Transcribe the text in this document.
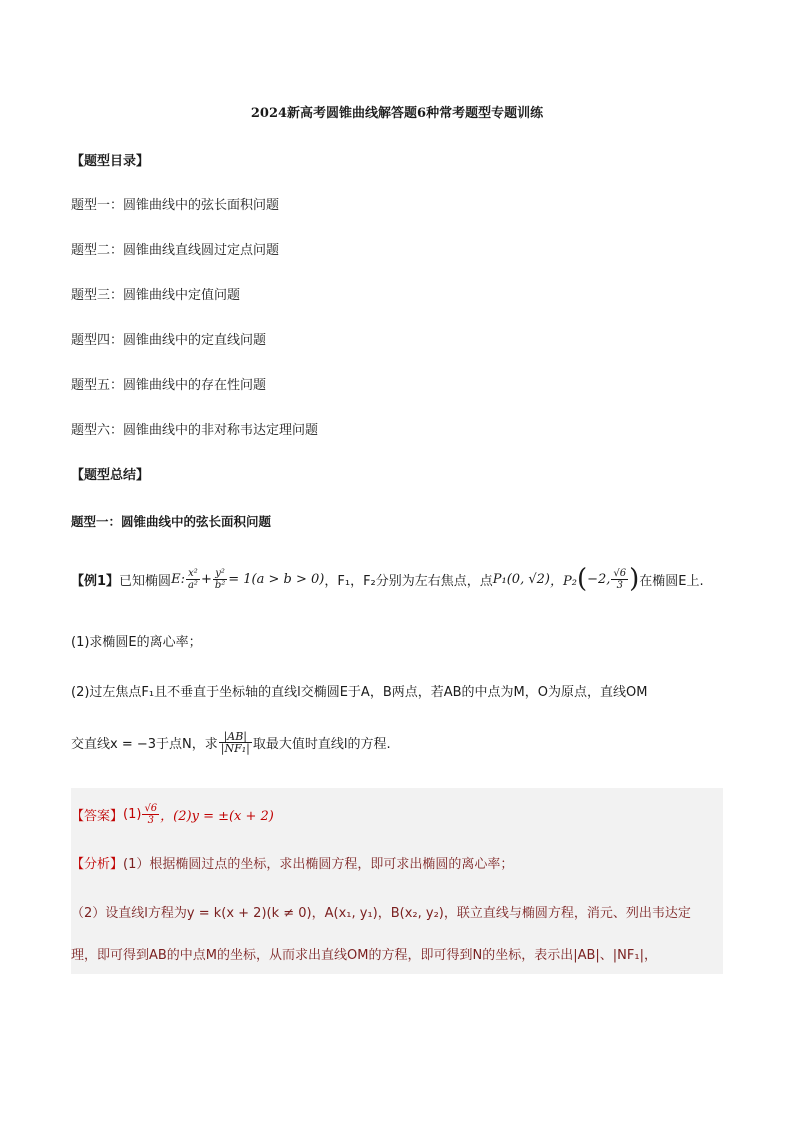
2024新高考圆锥曲线解答题6种常考题型专题训练
【题型目录】
题型一：圆锥曲线中的弦长面积问题
题型二：圆锥曲线直线圆过定点问题
题型三：圆锥曲线中定值问题
题型四：圆锥曲线中的定直线问题
题型五：圆锥曲线中的存在性问题
题型六：圆锥曲线中的非对称韦达定理问题
【题型总结】
题型一：圆锥曲线中的弦长面积问题
【例1】 已知椭圆 E : $\frac{\text{x²}}{\text{a²}} + \frac{\text{y²}}{\text{b²}} = 1(a > b > 0)$ ，F₁，F₂分别为左右焦点，点 P₁(0, √2) ，P₂ ( −2, $\frac{√6}{3}$ ) 在椭圆E上.
(1)求椭圆E的离心率；
(2)过左焦点F₁且不垂直于坐标轴的直线l交椭圆E于A，B两点，若AB的中点为M，O为原点，直线OM
交直线x = −3于点N，求 $\frac{|AB|}{\text{|NF₁|}}$ 取最大值时直线l的方程.
【答案】 $(1) \frac{√6}{3}$ ，(2)y = ±(x + 2)
【分析】(1）根据椭圆过点的坐标，求出椭圆方程，即可求出椭圆的离心率；
（2）设直线l方程为y = k(x + 2)(k ≠ 0)，A(x₁, y₁)，B(x₂, y₂)，联立直线与椭圆方程，消元、列出韦达定
理，即可得到AB的中点M的坐标，从而求出直线OM的方程，即可得到N的坐标，表示出|AB|、|NF₁|，
